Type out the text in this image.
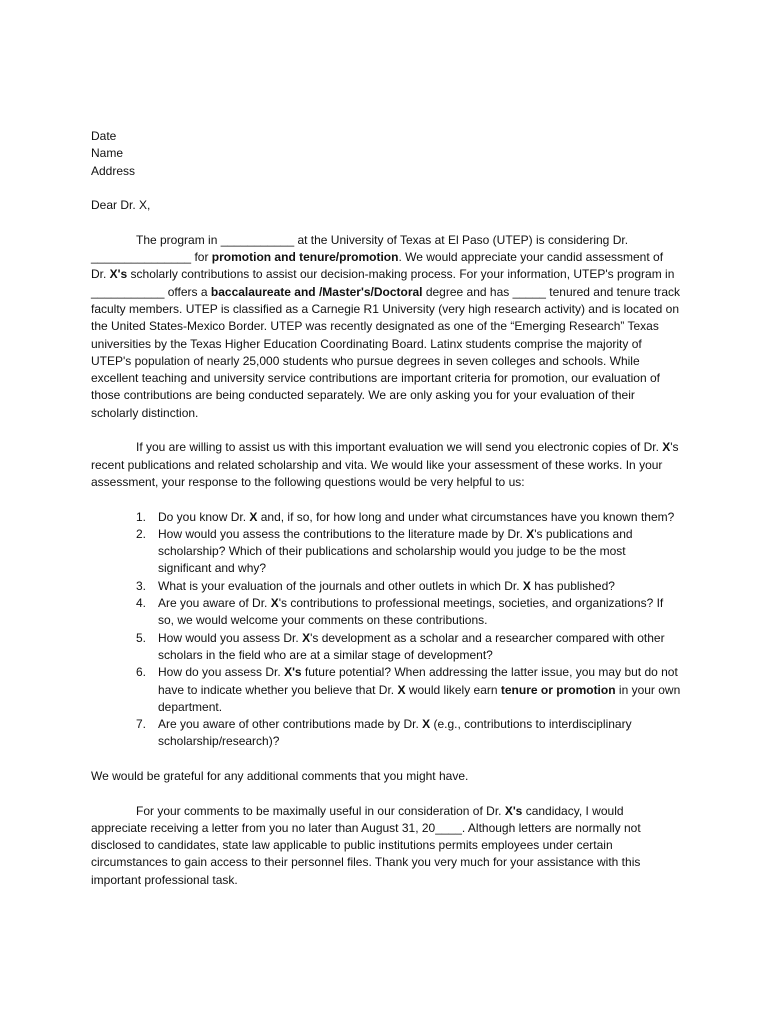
Date
Name
Address
Dear Dr. X,

The program in ___________ at the University of Texas at El Paso (UTEP) is considering Dr. _______________ for promotion and tenure/promotion. We would appreciate your candid assessment of Dr. X's scholarly contributions to assist our decision-making process. For your information, UTEP's program in ___________ offers a baccalaureate and /Master's/Doctoral degree and has _____ tenured and tenure track faculty members. UTEP is classified as a Carnegie R1 University (very high research activity) and is located on the United States-Mexico Border. UTEP was recently designated as one of the “Emerging Research” Texas universities by the Texas Higher Education Coordinating Board. Latinx students comprise the majority of UTEP's population of nearly 25,000 students who pursue degrees in seven colleges and schools. While excellent teaching and university service contributions are important criteria for promotion, our evaluation of those contributions are being conducted separately. We are only asking you for your evaluation of their scholarly distinction.

If you are willing to assist us with this important evaluation we will send you electronic copies of Dr. X's recent publications and related scholarship and vita. We would like your assessment of these works. In your assessment, your response to the following questions would be very helpful to us:

1. Do you know Dr. X and, if so, for how long and under what circumstances have you known them?
2. How would you assess the contributions to the literature made by Dr. X's publications and scholarship? Which of their publications and scholarship would you judge to be the most significant and why?
3. What is your evaluation of the journals and other outlets in which Dr. X has published?
4. Are you aware of Dr. X's contributions to professional meetings, societies, and organizations? If so, we would welcome your comments on these contributions.
5. How would you assess Dr. X's development as a scholar and a researcher compared with other scholars in the field who are at a similar stage of development?
6. How do you assess Dr. X's future potential? When addressing the latter issue, you may but do not have to indicate whether you believe that Dr. X would likely earn tenure or promotion in your own department.
7. Are you aware of other contributions made by Dr. X (e.g., contributions to interdisciplinary scholarship/research)?

We would be grateful for any additional comments that you might have.

For your comments to be maximally useful in our consideration of Dr. X's candidacy, I would appreciate receiving a letter from you no later than August 31, 20____. Although letters are normally not disclosed to candidates, state law applicable to public institutions permits employees under certain circumstances to gain access to their personnel files. Thank you very much for your assistance with this important professional task.
